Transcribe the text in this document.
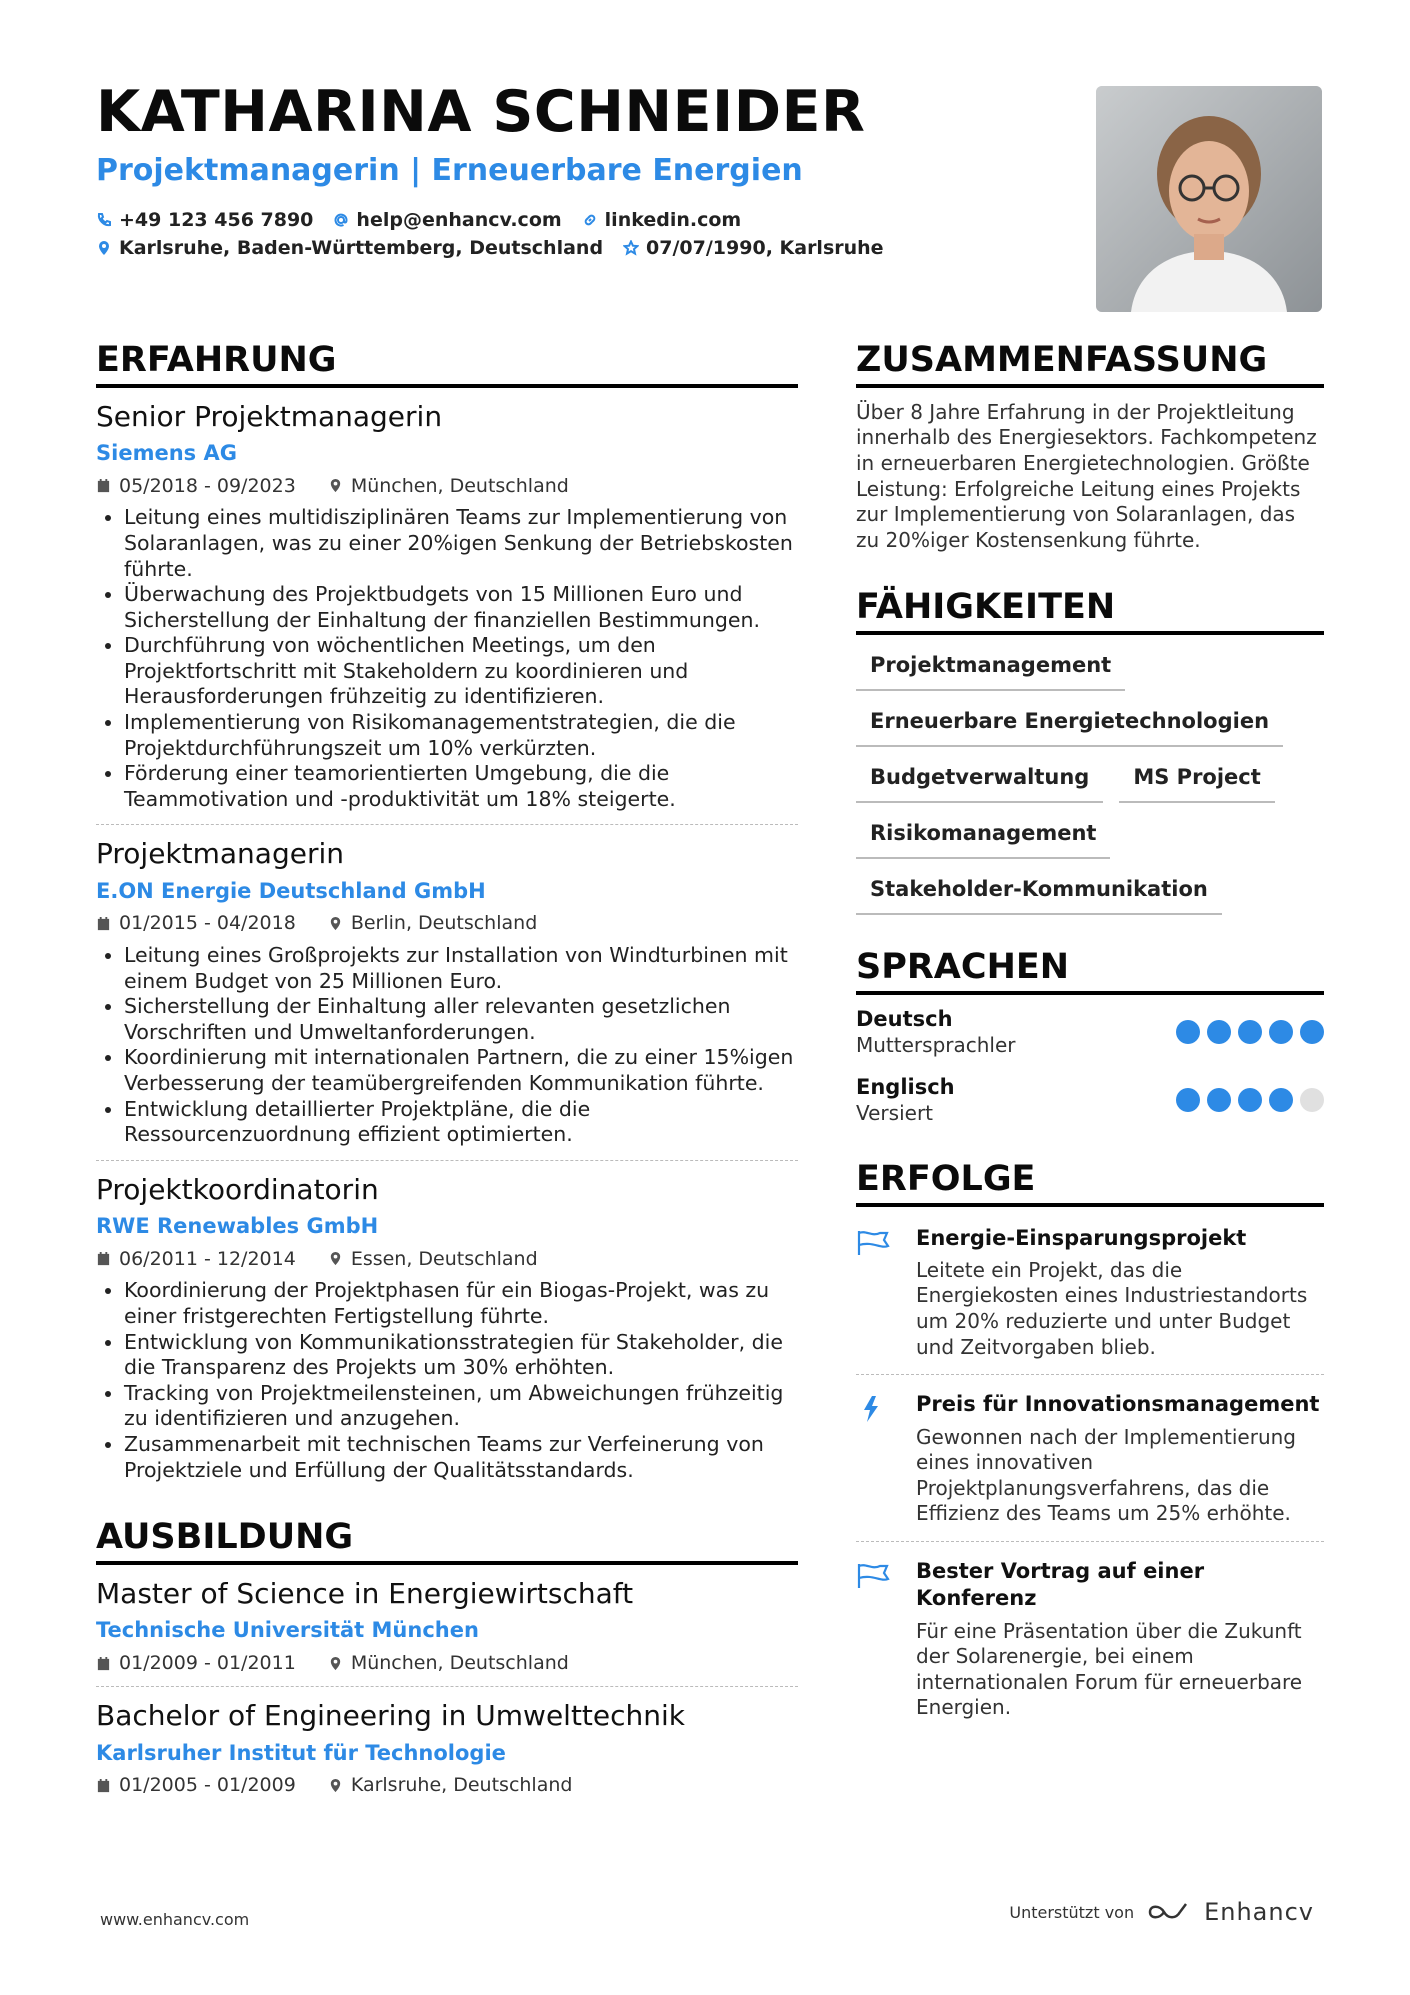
KATHARINA SCHNEIDER
Projektmanagerin | Erneuerbare Energien
+49 123 456 7890 help@enhancv.com linkedin.com
Karlsruhe, Baden-Württemberg, Deutschland 07/07/1990, Karlsruhe
ERFAHRUNG
Senior Projektmanagerin
Siemens AG
05/2018 - 09/2023	München, Deutschland
• Leitung eines multidisziplinären Teams zur Implementierung von Solaranlagen, was zu einer 20%igen Senkung der Betriebskosten führte.
• Überwachung des Projektbudgets von 15 Millionen Euro und Sicherstellung der Einhaltung der finanziellen Bestimmungen.
• Durchführung von wöchentlichen Meetings, um den Projektfortschritt mit Stakeholdern zu koordinieren und Herausforderungen frühzeitig zu identifizieren.
• Implementierung von Risikomanagementstrategien, die die Projektdurchführungszeit um 10% verkürzten.
• Förderung einer teamorientierten Umgebung, die die Teammotivation und -produktivität um 18% steigerte.
Projektmanagerin
E.ON Energie Deutschland GmbH
01/2015 - 04/2018	Berlin, Deutschland
• Leitung eines Großprojekts zur Installation von Windturbinen mit einem Budget von 25 Millionen Euro.
• Sicherstellung der Einhaltung aller relevanten gesetzlichen Vorschriften und Umweltanforderungen.
• Koordinierung mit internationalen Partnern, die zu einer 15%igen Verbesserung der teamübergreifenden Kommunikation führte.
• Entwicklung detaillierter Projektpläne, die die Ressourcenzuordnung effizient optimierten.
Projektkoordinatorin
RWE Renewables GmbH
06/2011 - 12/2014	Essen, Deutschland
• Koordinierung der Projektphasen für ein Biogas-Projekt, was zu einer fristgerechten Fertigstellung führte.
• Entwicklung von Kommunikationsstrategien für Stakeholder, die die Transparenz des Projekts um 30% erhöhten.
• Tracking von Projektmeilensteinen, um Abweichungen frühzeitig zu identifizieren und anzugehen.
• Zusammenarbeit mit technischen Teams zur Verfeinerung von Projektziele und Erfüllung der Qualitätsstandards.
AUSBILDUNG
Master of Science in Energiewirtschaft
Technische Universität München
01/2009 - 01/2011	München, Deutschland
Bachelor of Engineering in Umwelttechnik
Karlsruher Institut für Technologie
01/2005 - 01/2009	Karlsruhe, Deutschland
ZUSAMMENFASSUNG
Über 8 Jahre Erfahrung in der Projektleitung innerhalb des Energiesektors. Fachkompetenz in erneuerbaren Energietechnologien. Größte Leistung: Erfolgreiche Leitung eines Projekts zur Implementierung von Solaranlagen, das zu 20%iger Kostensenkung führte.
FÄHIGKEITEN
Projektmanagement
Erneuerbare Energietechnologien
Budgetverwaltung	MS Project
Risikomanagement
Stakeholder-Kommunikation
SPRACHEN
Deutsch
Muttersprachler
Englisch
Versiert
ERFOLGE
Energie-Einsparungsprojekt
Leitete ein Projekt, das die Energiekosten eines Industriestandorts um 20% reduzierte und unter Budget und Zeitvorgaben blieb.
Preis für Innovationsmanagement
Gewonnen nach der Implementierung eines innovativen Projektplanungsverfahrens, das die Effizienz des Teams um 25% erhöhte.
Bester Vortrag auf einer Konferenz
Für eine Präsentation über die Zukunft der Solarenergie, bei einem internationalen Forum für erneuerbare Energien.
www.enhancv.com	Unterstützt von	Enhancv
